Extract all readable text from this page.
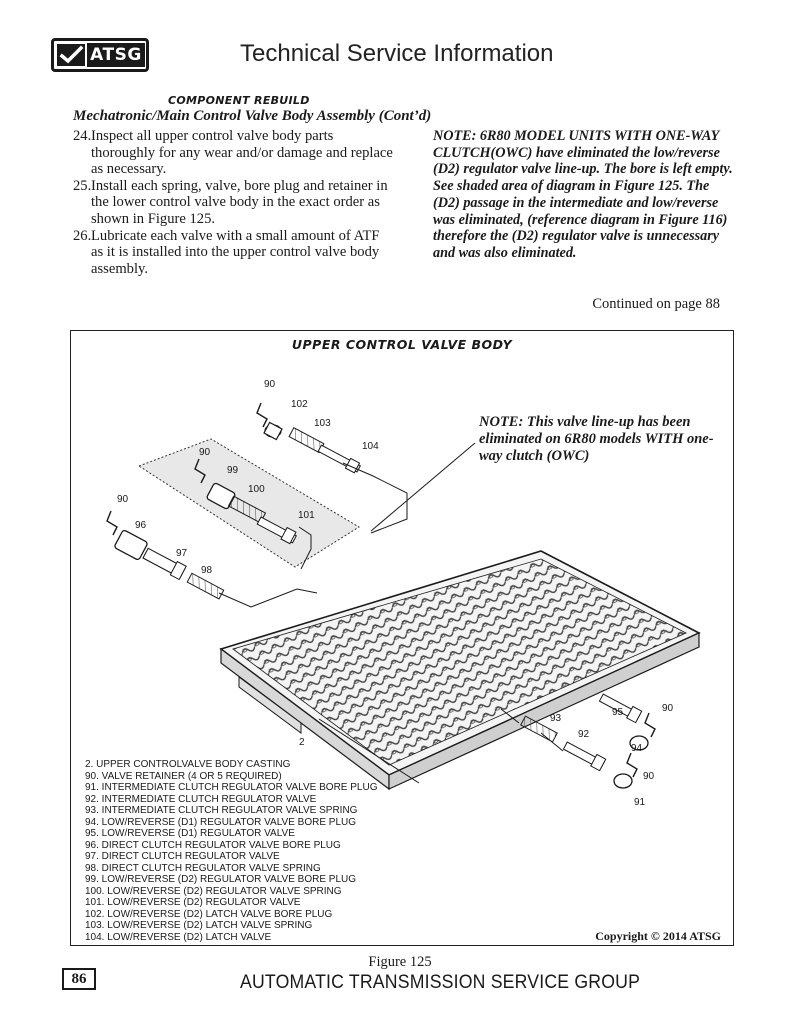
ATSG	Technical Service Information
COMPONENT REBUILD
Mechatronic/Main Control Valve Body Assembly (Cont’d)

24. Inspect all upper control valve body parts thoroughly for any wear and/or damage and replace as necessary.

25. Install each spring, valve, bore plug and retainer in the lower control valve body in the exact order as shown in Figure 125.

26. Lubricate each valve with a small amount of ATF as it is installed into the upper control valve body assembly.

NOTE: 6R80 MODEL UNITS WITH ONE-WAY CLUTCH(OWC) have eliminated the low/reverse (D2) regulator valve line-up. The bore is left empty. See shaded area of diagram in Figure 125. The (D2) passage in the intermediate and low/reverse was eliminated, (reference diagram in Figure 116) therefore the (D2) regulator valve is unnecessary and was also eliminated.
Continued on page 88
90
102
103
104
90
99
100
101
90
96
97
98
2
93
95	90
92
94
90
91
UPPER CONTROL VALVE BODY
NOTE: This valve line-up has been eliminated on 6R80 models WITH one-way clutch (OWC)
2. UPPER CONTROLVALVE BODY CASTING
90. VALVE RETAINER (4 OR 5 REQUIRED)
91. INTERMEDIATE CLUTCH REGULATOR VALVE BORE PLUG
92. INTERMEDIATE CLUTCH REGULATOR VALVE
93. INTERMEDIATE CLUTCH REGULATOR VALVE SPRING
94. LOW/REVERSE (D1) REGULATOR VALVE BORE PLUG
95. LOW/REVERSE (D1) REGULATOR VALVE
96. DIRECT CLUTCH REGULATOR VALVE BORE PLUG
97. DIRECT CLUTCH REGULATOR VALVE
98. DIRECT CLUTCH REGULATOR VALVE SPRING
99. LOW/REVERSE (D2) REGULATOR VALVE BORE PLUG
100. LOW/REVERSE (D2) REGULATOR VALVE SPRING
101. LOW/REVERSE (D2) REGULATOR VALVE
102. LOW/REVERSE (D2) LATCH VALVE BORE PLUG
103. LOW/REVERSE (D2) LATCH VALVE SPRING
104. LOW/REVERSE (D2) LATCH VALVE	Copyright © 2014 ATSG
Figure 125
86	AUTOMATIC TRANSMISSION SERVICE GROUP
